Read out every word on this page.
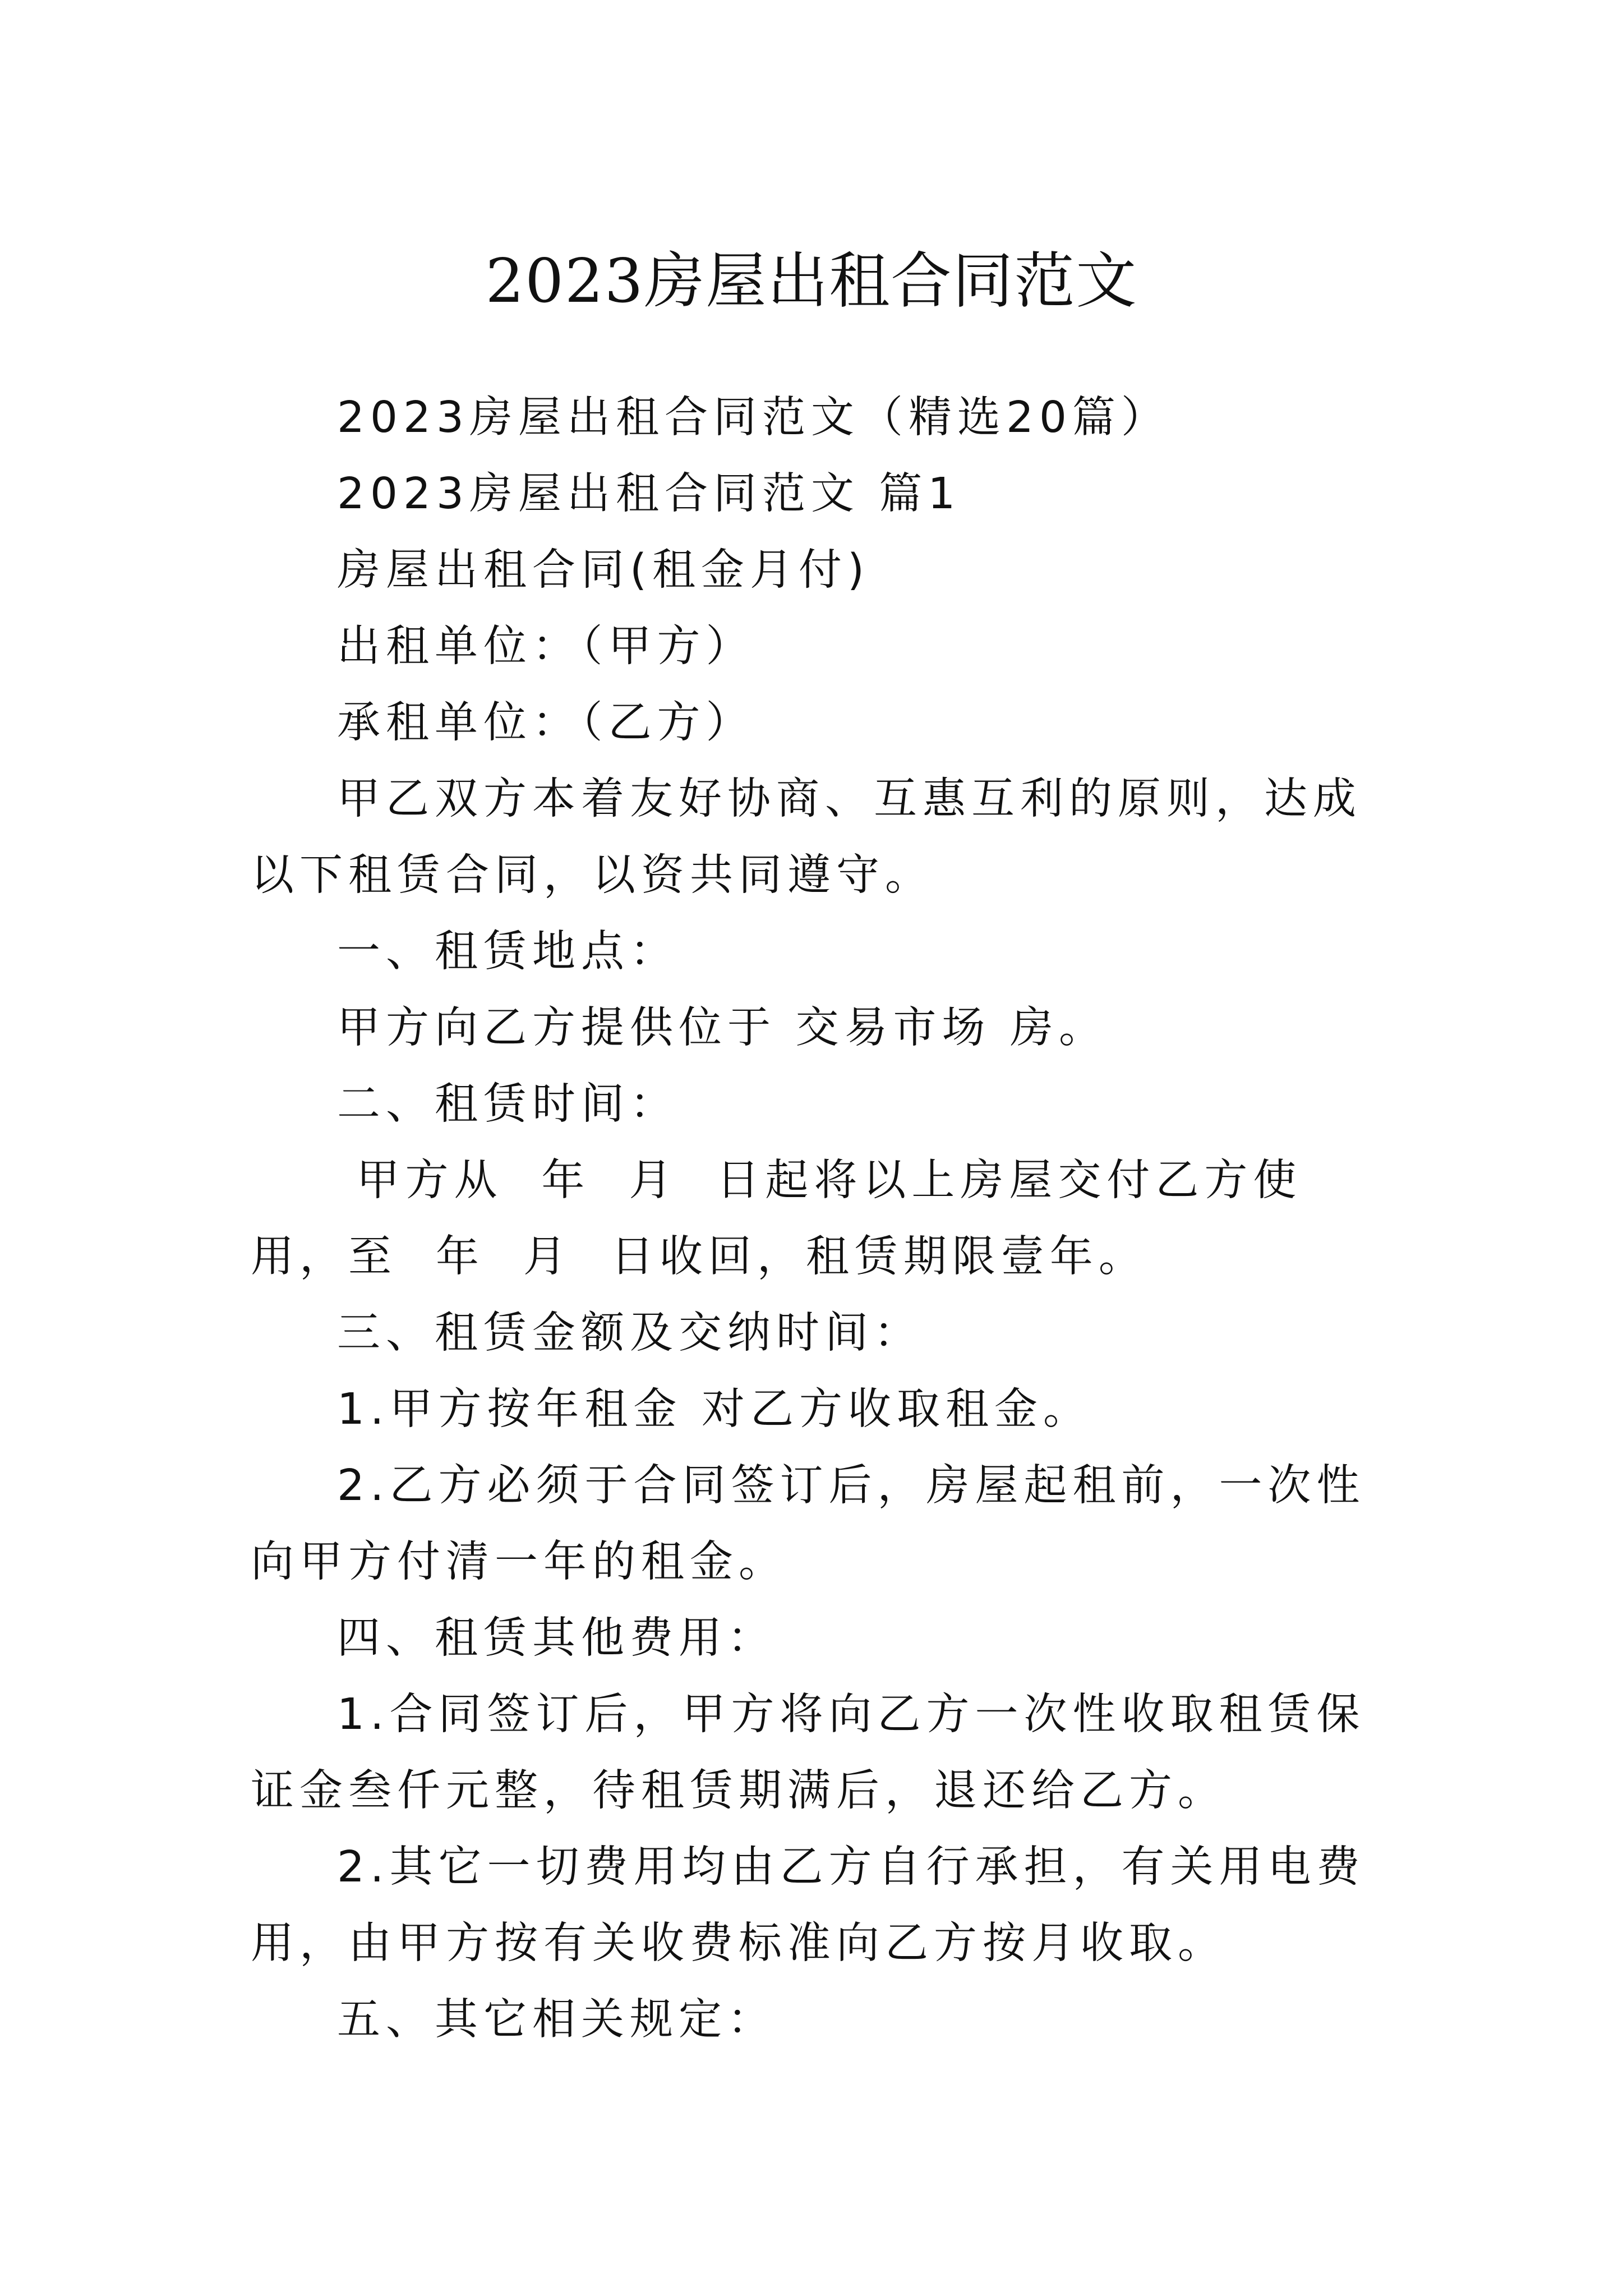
2023房屋出租合同范文

2023房屋出租合同范文（精选20篇）

2023房屋出租合同范文 篇1

房屋出租合同(租金月付)

出租单位：（甲方）

承租单位：（乙方）

甲乙双方本着友好协商、互惠互利的原则，达成以下租赁合同，以资共同遵守。

一、租赁地点：

甲方向乙方提供位于 交易市场 房。

二、租赁时间：

甲方从  年  月  日起将以上房屋交付乙方使用，至  年  月  日收回，租赁期限壹年。

三、租赁金额及交纳时间：

1.甲方按年租金 对乙方收取租金。

2.乙方必须于合同签订后，房屋起租前，一次性向甲方付清一年的租金。

四、租赁其他费用：

1.合同签订后，甲方将向乙方一次性收取租赁保证金叁仟元整，待租赁期满后，退还给乙方。

2.其它一切费用均由乙方自行承担，有关用电费用，由甲方按有关收费标准向乙方按月收取。

五、其它相关规定：
